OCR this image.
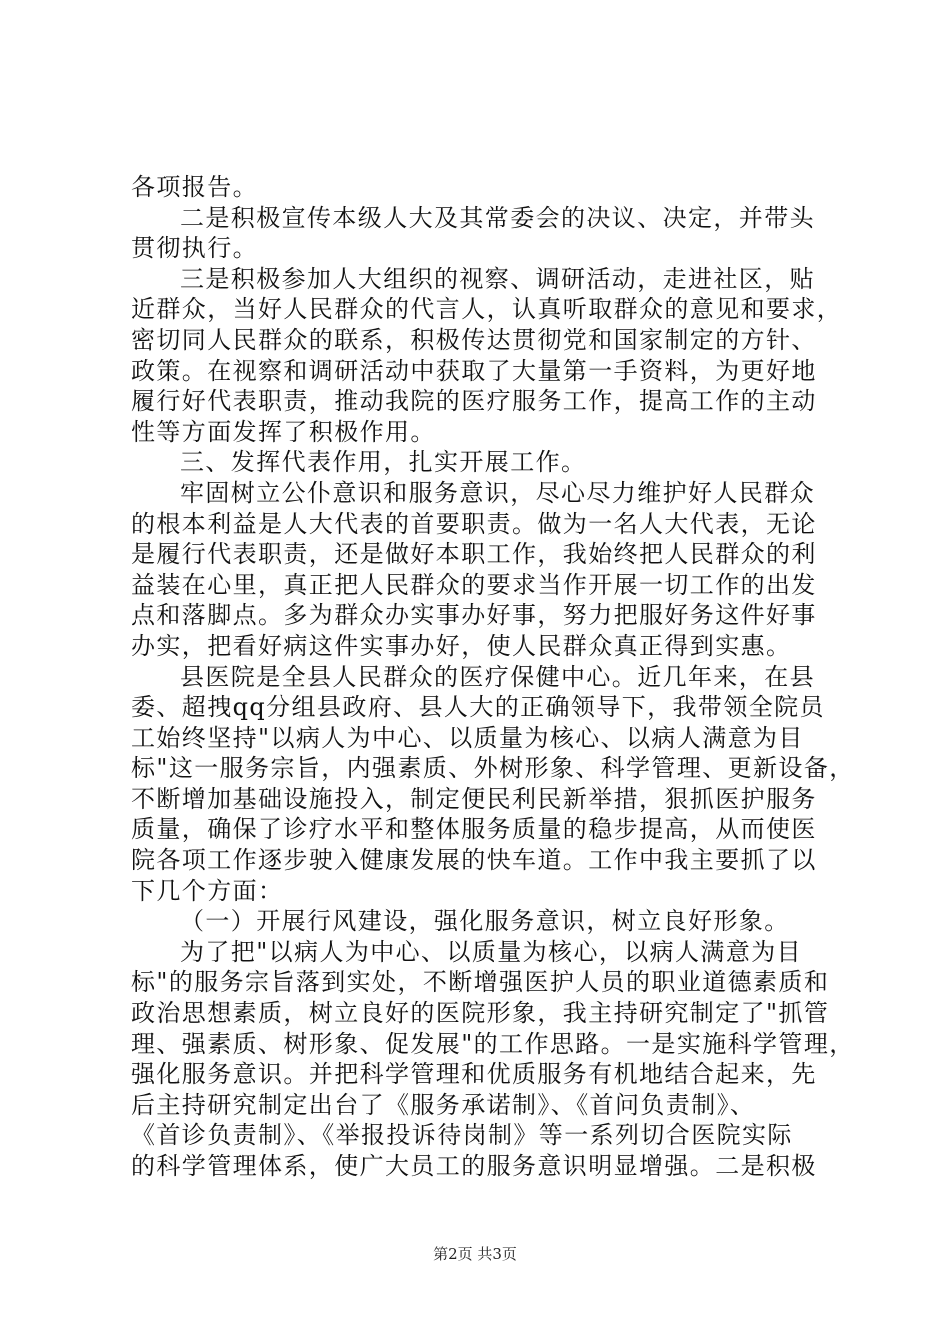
各项报告。
二是积极宣传本级人大及其常委会的决议、决定，并带头
贯彻执行。
三是积极参加人大组织的视察、调研活动，走进社区，贴
近群众，当好人民群众的代言人，认真听取群众的意见和要求，
密切同人民群众的联系，积极传达贯彻党和国家制定的方针、
政策。在视察和调研活动中获取了大量第一手资料，为更好地
履行好代表职责，推动我院的医疗服务工作，提高工作的主动
性等方面发挥了积极作用。
三、发挥代表作用，扎实开展工作。
牢固树立公仆意识和服务意识，尽心尽力维护好人民群众
的根本利益是人大代表的首要职责。做为一名人大代表，无论
是履行代表职责，还是做好本职工作，我始终把人民群众的利
益装在心里，真正把人民群众的要求当作开展一切工作的出发
点和落脚点。多为群众办实事办好事，努力把服好务这件好事
办实，把看好病这件实事办好，使人民群众真正得到实惠。
县医院是全县人民群众的医疗保健中心。近几年来，在县
委、超拽qq分组县政府、县人大的正确领导下，我带领全院员
工始终坚持"以病人为中心、以质量为核心、以病人满意为目
标"这一服务宗旨，内强素质、外树形象、科学管理、更新设备，
不断增加基础设施投入，制定便民利民新举措，狠抓医护服务
质量，确保了诊疗水平和整体服务质量的稳步提高，从而使医
院各项工作逐步驶入健康发展的快车道。工作中我主要抓了以
下几个方面：
（一）开展行风建设，强化服务意识，树立良好形象。
为了把"以病人为中心、以质量为核心，以病人满意为目
标"的服务宗旨落到实处，不断增强医护人员的职业道德素质和
政治思想素质，树立良好的医院形象，我主持研究制定了"抓管
理、强素质、树形象、促发展"的工作思路。一是实施科学管理，
强化服务意识。并把科学管理和优质服务有机地结合起来，先
后主持研究制定出台了《服务承诺制》、《首问负责制》、
《首诊负责制》、《举报投诉待岗制》等一系列切合医院实际
的科学管理体系，使广大员工的服务意识明显增强。二是积极
第2页 共3页
